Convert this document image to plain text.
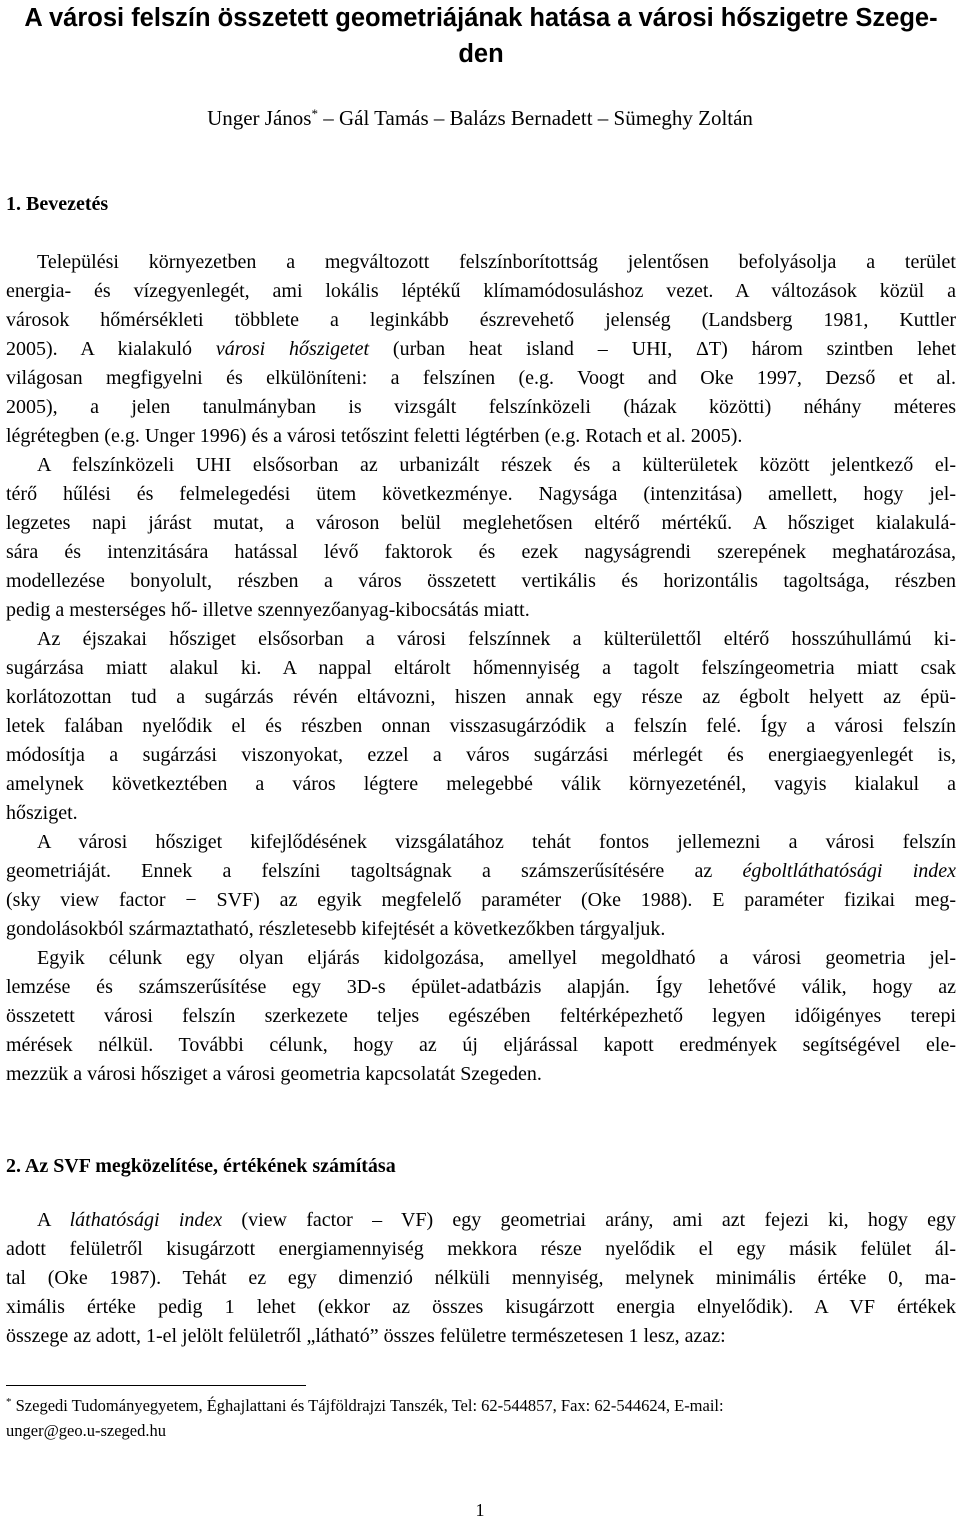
A városi felszín összetett geometriájának hatása a városi hőszigetre Szege-
den
Unger János* – Gál Tamás – Balázs Bernadett – Sümeghy Zoltán
1. Bevezetés

Települési környezetben a megváltozott felszínborítottság jelentősen befolyásolja a terület
energia- és vízegyenlegét, ami lokális léptékű klímamódosuláshoz vezet. A változások közül a
városok hőmérsékleti többlete a leginkább észrevehető jelenség (Landsberg 1981, Kuttler
2005). A kialakuló városi hőszigetet (urban heat island – UHI, ΔT) három szintben lehet
világosan megfigyelni és elkülöníteni: a felszínen (e.g. Voogt and Oke 1997, Dezső et al.
2005), a jelen tanulmányban is vizsgált felszínközeli (házak közötti) néhány méteres
légrétegben (e.g. Unger 1996) és a városi tetőszint feletti légtérben (e.g. Rotach et al. 2005).

A felszínközeli UHI elsősorban az urbanizált részek és a külterületek között jelentkező el-
térő hűlési és felmelegedési ütem következménye. Nagysága (intenzitása) amellett, hogy jel-
legzetes napi járást mutat, a városon belül meglehetősen eltérő mértékű. A hősziget kialakulá-
sára és intenzitására hatással lévő faktorok és ezek nagyságrendi szerepének meghatározása,
modellezése bonyolult, részben a város összetett vertikális és horizontális tagoltsága, részben
pedig a mesterséges hő- illetve szennyezőanyag-kibocsátás miatt.

Az éjszakai hősziget elsősorban a városi felszínnek a külterülettől eltérő hosszúhullámú ki-
sugárzása miatt alakul ki. A nappal eltárolt hőmennyiség a tagolt felszíngeometria miatt csak
korlátozottan tud a sugárzás révén eltávozni, hiszen annak egy része az égbolt helyett az épü-
letek falában nyelődik el és részben onnan visszasugárzódik a felszín felé. Így a városi felszín
módosítja a sugárzási viszonyokat, ezzel a város sugárzási mérlegét és energiaegyenlegét is,
amelynek következtében a város légtere melegebbé válik környezeténél, vagyis kialakul a
hősziget.

A városi hősziget kifejlődésének vizsgálatához tehát fontos jellemezni a városi felszín
geometriáját. Ennek a felszíni tagoltságnak a számszerűsítésére az égboltláthatósági index
(sky view factor − SVF) az egyik megfelelő paraméter (Oke 1988). E paraméter fizikai meg-
gondolásokból származtatható, részletesebb kifejtését a következőkben tárgyaljuk.

Egyik célunk egy olyan eljárás kidolgozása, amellyel megoldható a városi geometria jel-
lemzése és számszerűsítése egy 3D-s épület-adatbázis alapján. Így lehetővé válik, hogy az
összetett városi felszín szerkezete teljes egészében feltérképezhető legyen időigényes terepi
mérések nélkül. További célunk, hogy az új eljárással kapott eredmények segítségével ele-
mezzük a városi hősziget a városi geometria kapcsolatát Szegeden.

2. Az SVF megközelítése, értékének számítása

A láthatósági index (view factor – VF) egy geometriai arány, ami azt fejezi ki, hogy egy
adott felületről kisugárzott energiamennyiség mekkora része nyelődik el egy másik felület ál-
tal (Oke 1987). Tehát ez egy dimenzió nélküli mennyiség, melynek minimális értéke 0, ma-
ximális értéke pedig 1 lehet (ekkor az összes kisugárzott energia elnyelődik). A VF értékek
összege az adott, 1-el jelölt felületről „látható” összes felületre természetesen 1 lesz, azaz:

* Szegedi Tudományegyetem, Éghajlattani és Tájföldrajzi Tanszék, Tel: 62-544857, Fax: 62-544624, E-mail:
unger@geo.u-szeged.hu
1
